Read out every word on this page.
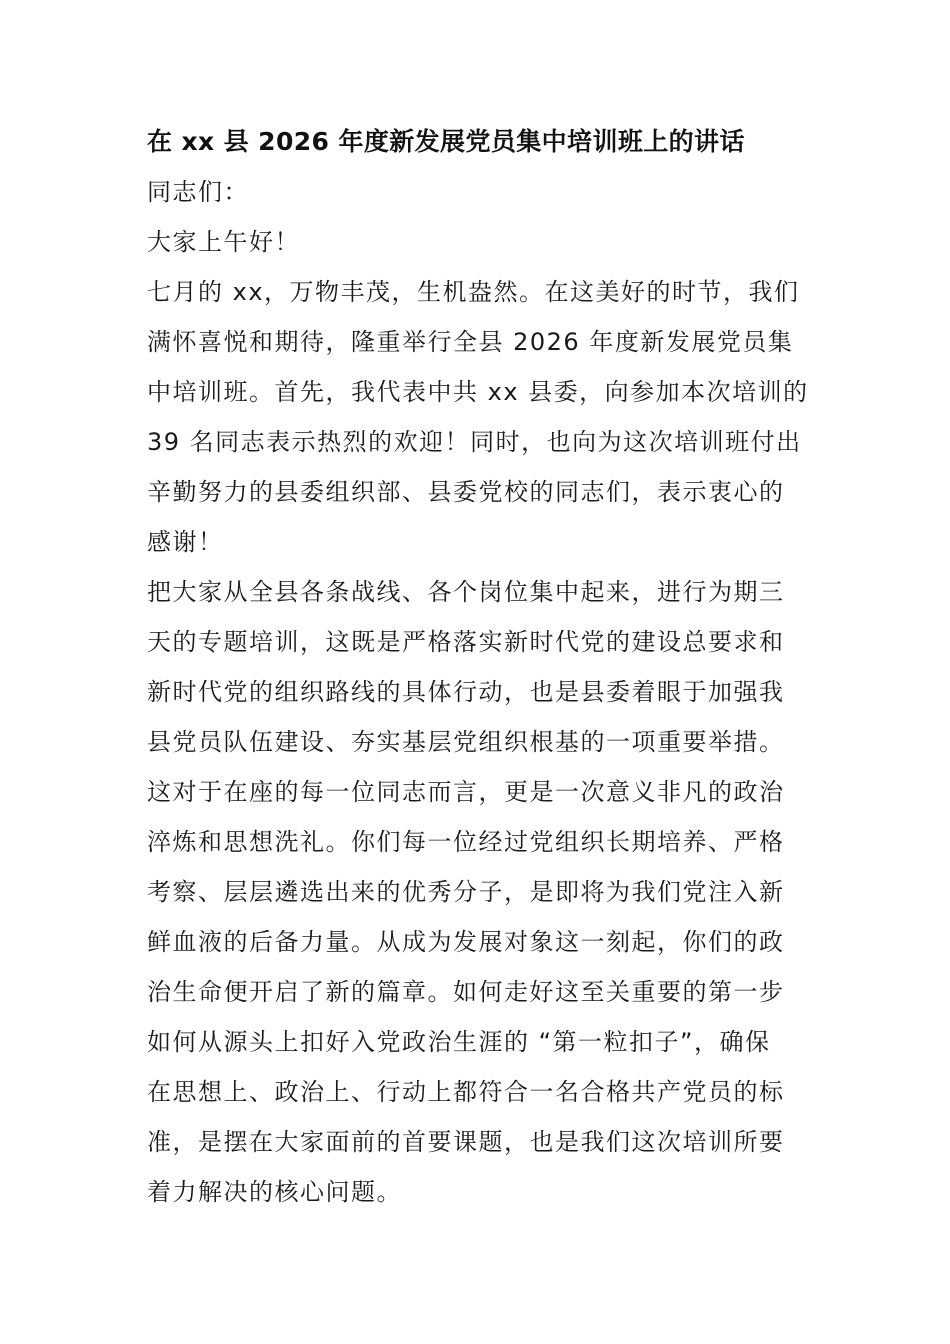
在 xx 县 2026 年度新发展党员集中培训班上的讲话
同志们：
大家上午好！
七月的 xx，万物丰茂，生机盎然。在这美好的时节，我们
满怀喜悦和期待，隆重举行全县 2026 年度新发展党员集
中培训班。首先，我代表中共 xx 县委，向参加本次培训的
39 名同志表示热烈的欢迎！同时，也向为这次培训班付出
辛勤努力的县委组织部、县委党校的同志们，表示衷心的
感谢！
把大家从全县各条战线、各个岗位集中起来，进行为期三
天的专题培训，这既是严格落实新时代党的建设总要求和
新时代党的组织路线的具体行动，也是县委着眼于加强我
县党员队伍建设、夯实基层党组织根基的一项重要举措。
这对于在座的每一位同志而言，更是一次意义非凡的政治
淬炼和思想洗礼。你们每一位经过党组织长期培养、严格
考察、层层遴选出来的优秀分子，是即将为我们党注入新
鲜血液的后备力量。从成为发展对象这一刻起，你们的政
治生命便开启了新的篇章。如何走好这至关重要的第一步
如何从源头上扣好入党政治生涯的 “第一粒扣子”，确保
在思想上、政治上、行动上都符合一名合格共产党员的标
准，是摆在大家面前的首要课题，也是我们这次培训所要
着力解决的核心问题。
